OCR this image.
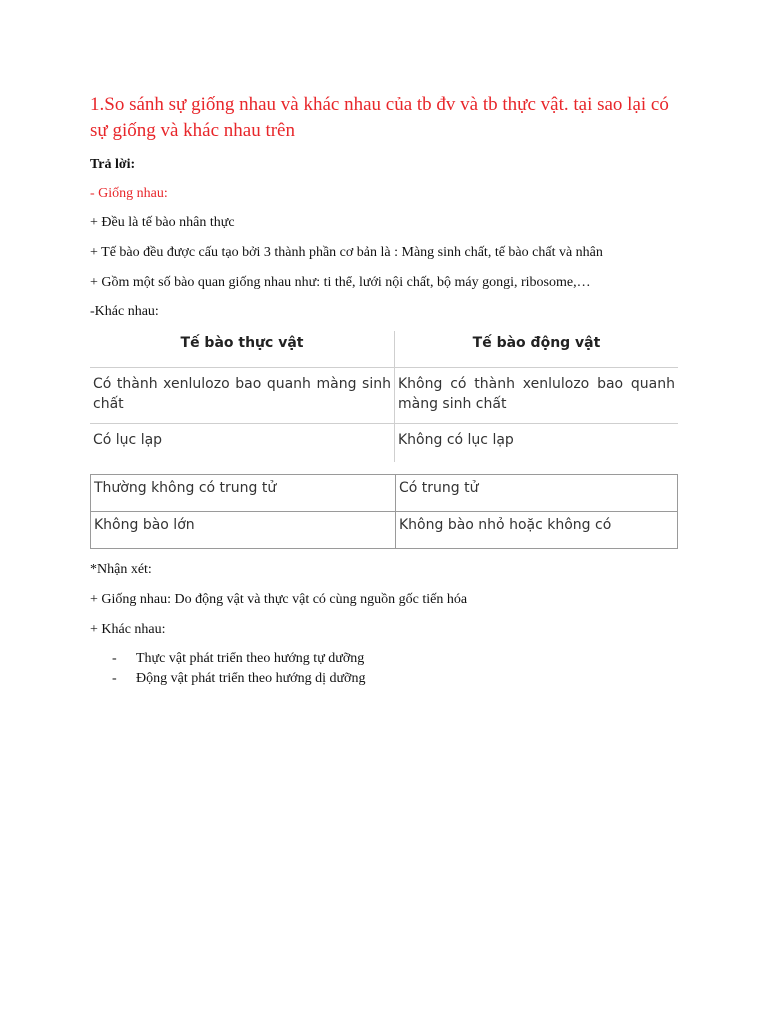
1.So sánh sự giống nhau và khác nhau của tb đv và tb thực vật. tại sao lại có sự giống và khác nhau trên
Trả lời:
- Giống nhau:
+ Đều là tế bào nhân thực
+ Tế bào đều được cấu tạo bởi 3 thành phần cơ bản là : Màng sinh chất, tế bào chất và nhân
+ Gồm một số bào quan giống nhau như: ti thể, lưới nội chất, bộ máy gongi, ribosome,…
-Khác nhau:
Tế bào thực vật	Tế bào động vật
Có thành xenlulozo bao quanh màng sinh chất	Không có thành xenlulozo bao quanh màng sinh chất
Có lục lạp	Không có lục lạp
Thường không có trung tử	Có trung tử
Không bào lớn	Không bào nhỏ hoặc không có
*Nhận xét:
+ Giống nhau: Do động vật và thực vật có cùng nguồn gốc tiến hóa
+ Khác nhau:
- Thực vật phát triển theo hướng tự dưỡng
- Động vật phát triển theo hướng dị dưỡng
